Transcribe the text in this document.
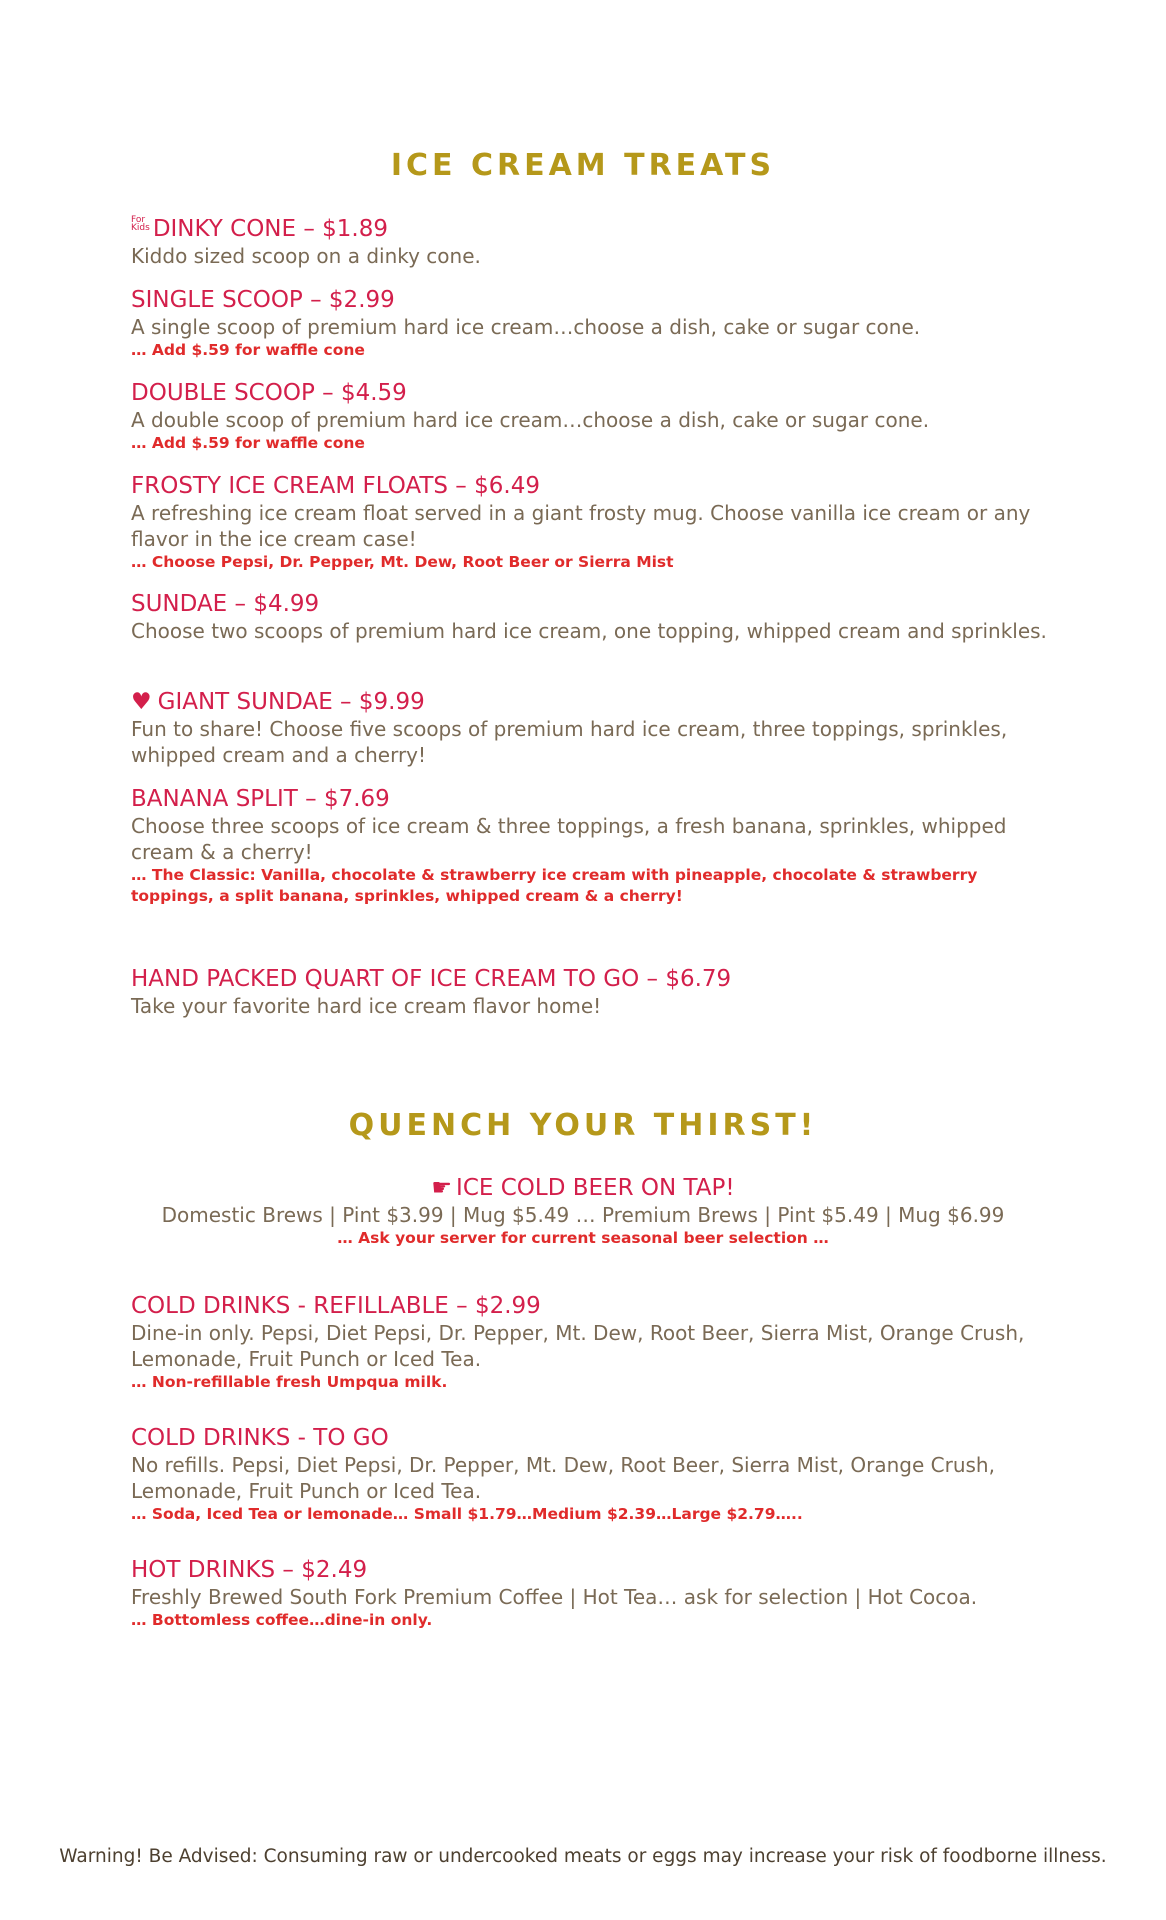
ICE CREAM TREATS
For
Kids DINKY CONE – $1.89
Kiddo sized scoop on a dinky cone.
SINGLE SCOOP – $2.99
A single scoop of premium hard ice cream…choose a dish, cake or sugar cone.
… Add $.59 for waffle cone
DOUBLE SCOOP – $4.59
A double scoop of premium hard ice cream…choose a dish, cake or sugar cone.
… Add $.59 for waffle cone
FROSTY ICE CREAM FLOATS – $6.49
A refreshing ice cream float served in a giant frosty mug. Choose vanilla ice cream or any flavor in the ice cream case!
… Choose Pepsi, Dr. Pepper, Mt. Dew, Root Beer or Sierra Mist
SUNDAE – $4.99
Choose two scoops of premium hard ice cream, one topping, whipped cream and sprinkles.
♥ GIANT SUNDAE – $9.99
Fun to share! Choose five scoops of premium hard ice cream, three toppings, sprinkles, whipped cream and a cherry!
BANANA SPLIT – $7.69
Choose three scoops of ice cream & three toppings, a fresh banana, sprinkles, whipped cream & a cherry!
… The Classic: Vanilla, chocolate & strawberry ice cream with pineapple, chocolate & strawberry toppings, a split banana, sprinkles, whipped cream & a cherry!
HAND PACKED QUART OF ICE CREAM TO GO – $6.79
Take your favorite hard ice cream flavor home!
QUENCH YOUR THIRST!
☛ ICE COLD BEER ON TAP!
Domestic Brews | Pint $3.99 | Mug $5.49 … Premium Brews | Pint $5.49 | Mug $6.99
… Ask your server for current seasonal beer selection …
COLD DRINKS - REFILLABLE – $2.99
Dine-in only. Pepsi, Diet Pepsi, Dr. Pepper, Mt. Dew, Root Beer, Sierra Mist, Orange Crush, Lemonade, Fruit Punch or Iced Tea.
… Non-refillable fresh Umpqua milk.
COLD DRINKS - TO GO
No refills. Pepsi, Diet Pepsi, Dr. Pepper, Mt. Dew, Root Beer, Sierra Mist, Orange Crush, Lemonade, Fruit Punch or Iced Tea.
… Soda, Iced Tea or lemonade… Small $1.79…Medium $2.39…Large $2.79…..
HOT DRINKS – $2.49
Freshly Brewed South Fork Premium Coffee | Hot Tea… ask for selection | Hot Cocoa.
… Bottomless coffee…dine-in only.
Warning! Be Advised: Consuming raw or undercooked meats or eggs may increase your risk of foodborne illness.
